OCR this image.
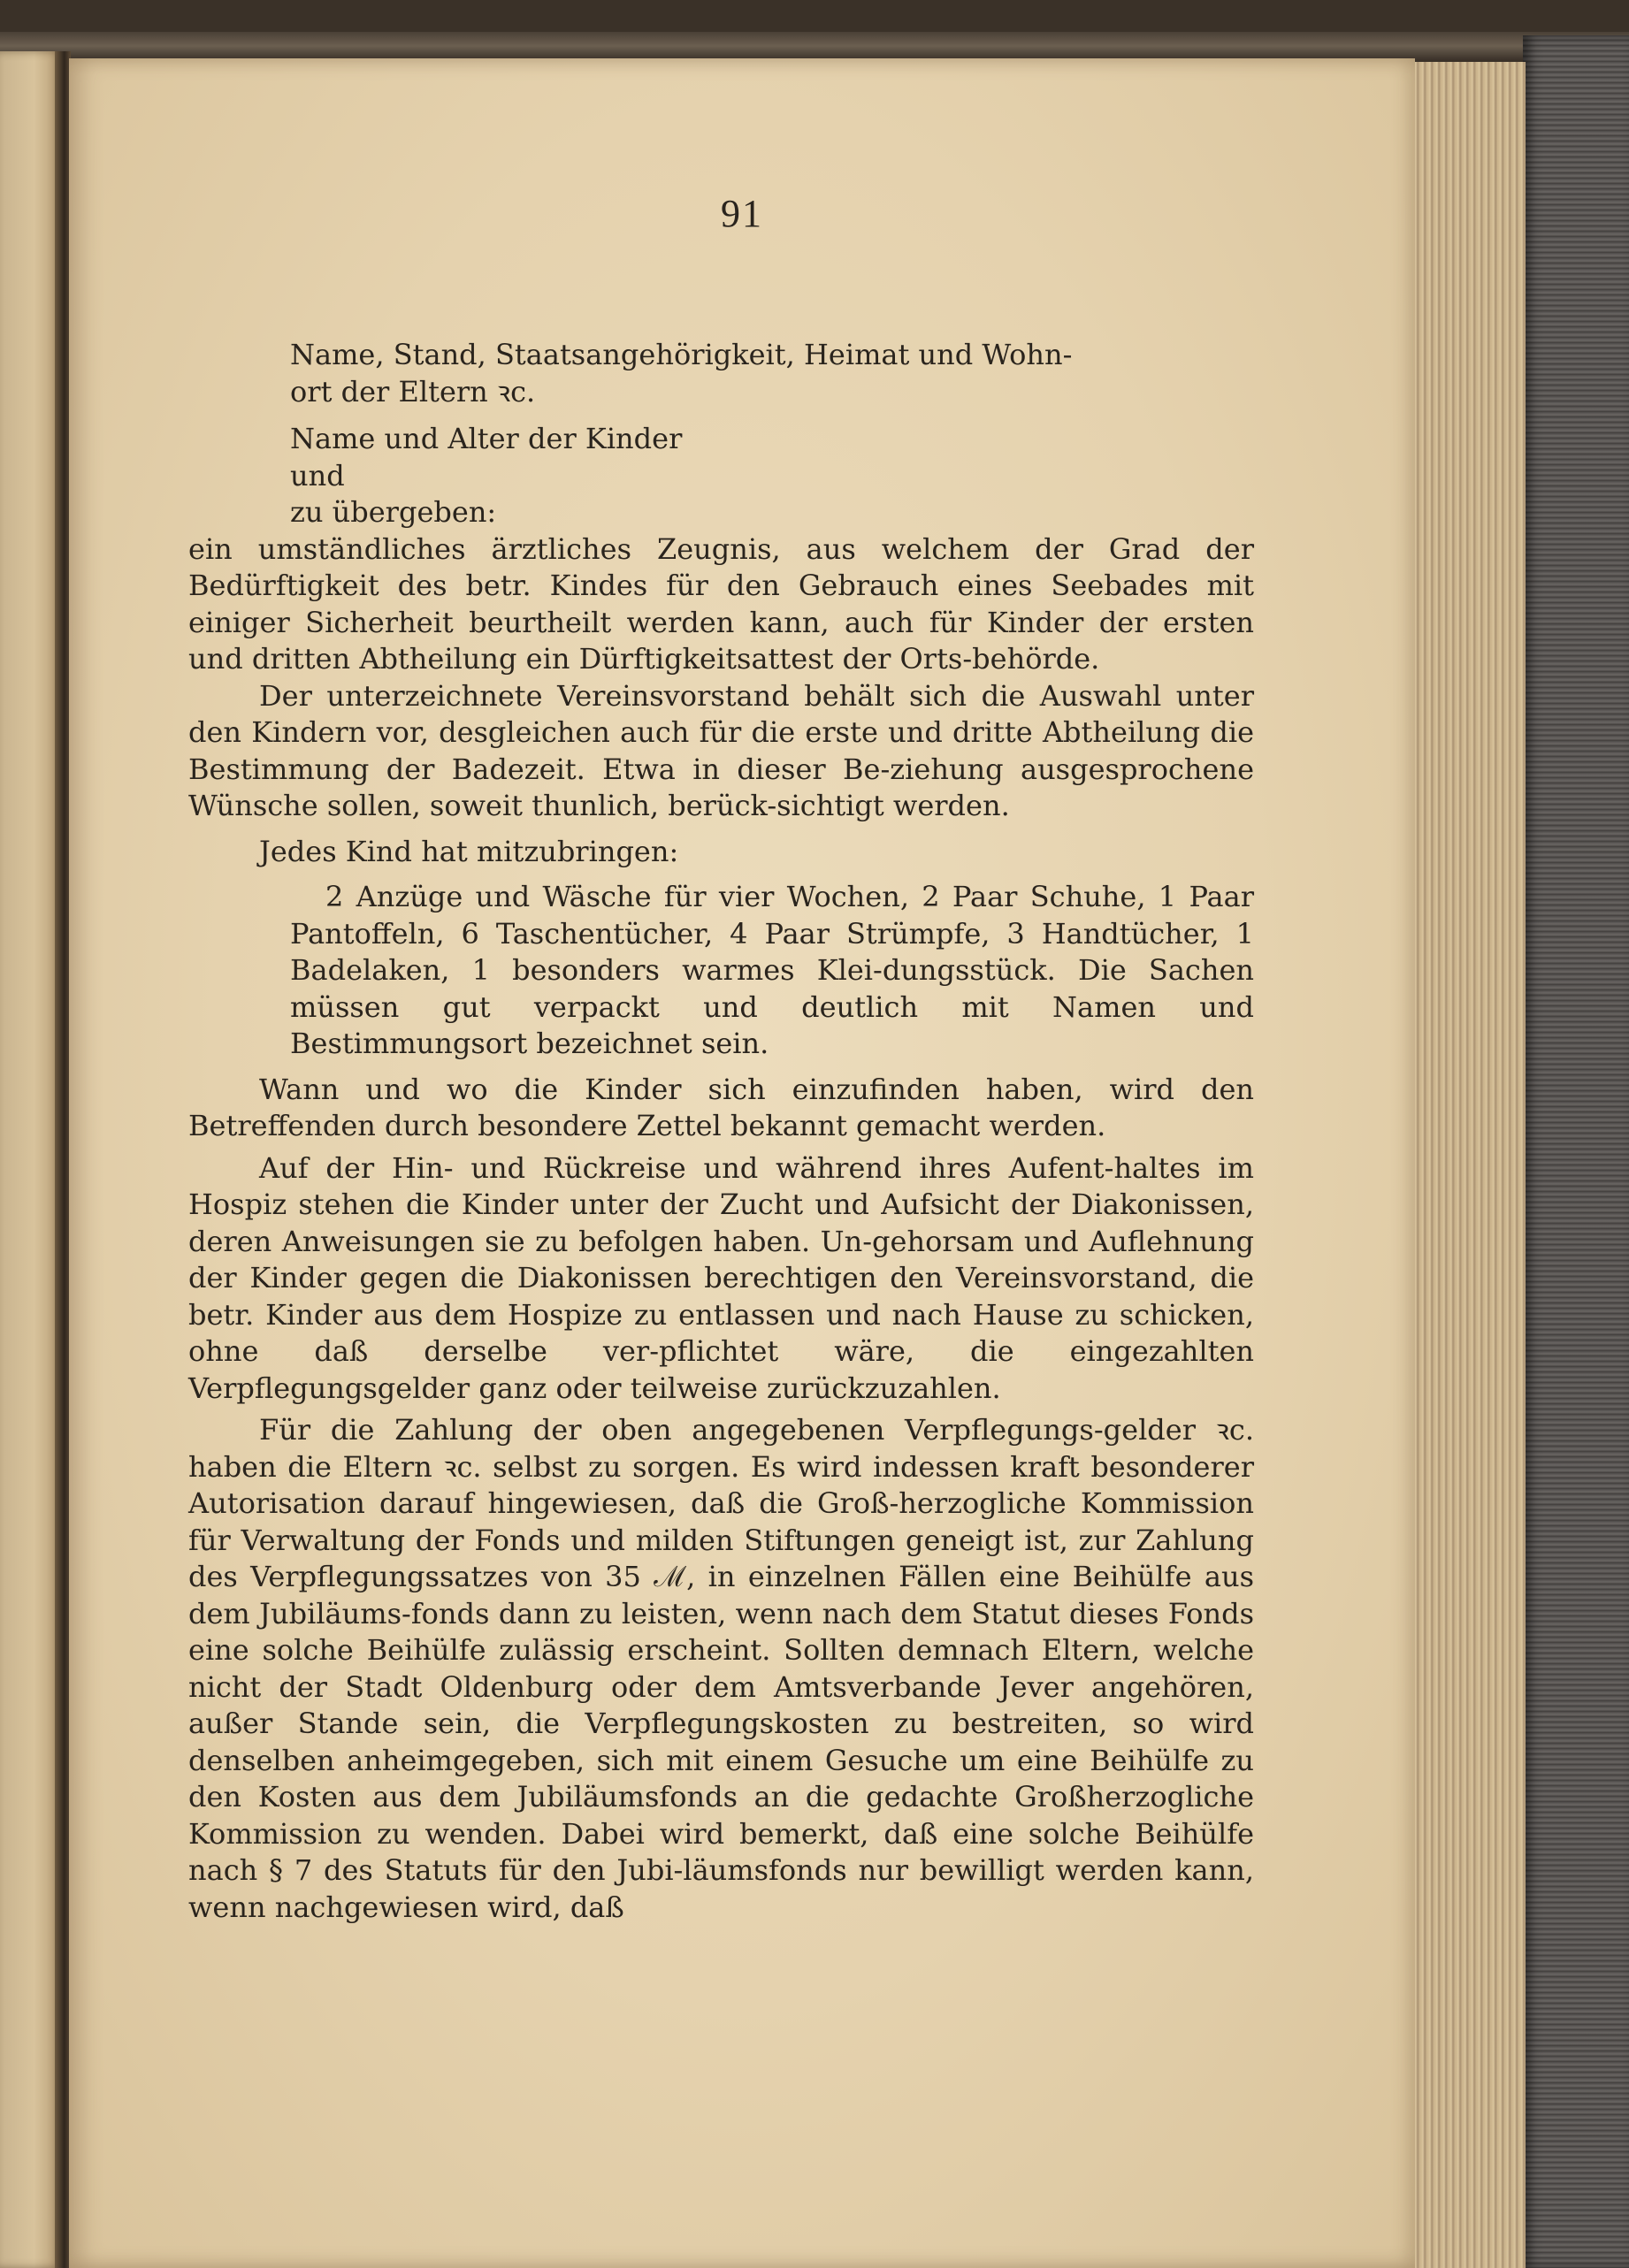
91
Name, Stand, Staatsangehörigkeit, Heimat und Wohn-
ort der Eltern ꝛc.
Name und Alter der Kinder
und
zu übergeben:

ein umständliches ärztliches Zeugnis, aus welchem der Grad der Bedürftigkeit des betr. Kindes für den Gebrauch eines Seebades mit einiger Sicherheit beurtheilt werden kann, auch für Kinder der ersten und dritten Abtheilung ein Dürftigkeitsattest der Orts-behörde.

Der unterzeichnete Vereinsvorstand behält sich die Auswahl unter den Kindern vor, desgleichen auch für die erste und dritte Abtheilung die Bestimmung der Badezeit. Etwa in dieser Be-ziehung ausgesprochene Wünsche sollen, soweit thunlich, berück-sichtigt werden.

Jedes Kind hat mitzubringen:

2 Anzüge und Wäsche für vier Wochen, 2 Paar Schuhe, 1 Paar Pantoffeln, 6 Taschentücher, 4 Paar Strümpfe, 3 Handtücher, 1 Badelaken, 1 besonders warmes Klei-dungsstück. Die Sachen müssen gut verpackt und deutlich mit Namen und Bestimmungsort bezeichnet sein.

Wann und wo die Kinder sich einzufinden haben, wird den Betreffenden durch besondere Zettel bekannt gemacht werden.

Auf der Hin- und Rückreise und während ihres Aufent-haltes im Hospiz stehen die Kinder unter der Zucht und Aufsicht der Diakonissen, deren Anweisungen sie zu befolgen haben. Un-gehorsam und Auflehnung der Kinder gegen die Diakonissen berechtigen den Vereinsvorstand, die betr. Kinder aus dem Hospize zu entlassen und nach Hause zu schicken, ohne daß derselbe ver-pflichtet wäre, die eingezahlten Verpflegungsgelder ganz oder teilweise zurückzuzahlen.

Für die Zahlung der oben angegebenen Verpflegungs-gelder ꝛc. haben die Eltern ꝛc. selbst zu sorgen. Es wird indessen kraft besonderer Autorisation darauf hingewiesen, daß die Groß-herzogliche Kommission für Verwaltung der Fonds und milden Stiftungen geneigt ist, zur Zahlung des Verpflegungssatzes von 35 ℳ, in einzelnen Fällen eine Beihülfe aus dem Jubiläums-fonds dann zu leisten, wenn nach dem Statut dieses Fonds eine solche Beihülfe zulässig erscheint. Sollten demnach Eltern, welche nicht der Stadt Oldenburg oder dem Amtsverbande Jever angehören, außer Stande sein, die Verpflegungskosten zu bestreiten, so wird denselben anheimgegeben, sich mit einem Gesuche um eine Beihülfe zu den Kosten aus dem Jubiläumsfonds an die gedachte Großherzogliche Kommission zu wenden. Dabei wird bemerkt, daß eine solche Beihülfe nach § 7 des Statuts für den Jubi-läumsfonds nur bewilligt werden kann, wenn nachgewiesen wird, daß
